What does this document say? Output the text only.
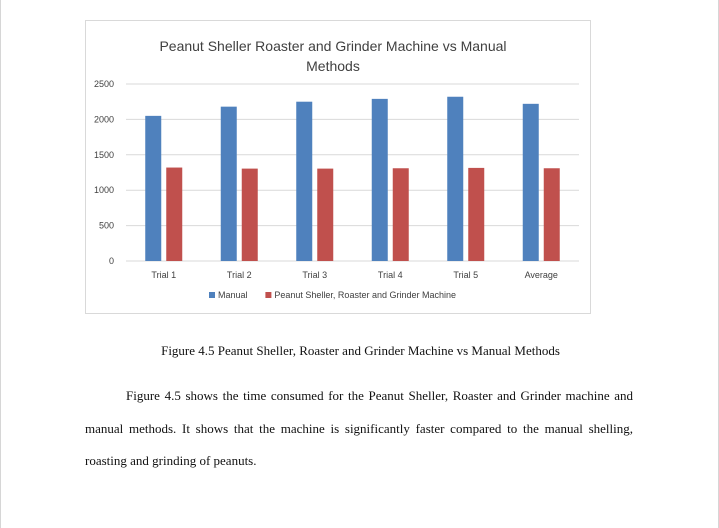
Peanut Sheller Roaster and Grinder Machine vs Manual
Methods
0
500
1000
1500
2000
2500
Trial 1	Trial 2	Trial 3	Trial 4	Trial 5	Average
Manual	Peanut Sheller, Roaster and Grinder Machine
Figure 4.5 Peanut Sheller, Roaster and Grinder Machine vs Manual Methods

Figure 4.5 shows the time consumed for the Peanut Sheller, Roaster and Grinder machine and manual methods. It shows that the machine is significantly faster compared to the manual shelling, roasting and grinding of peanuts.
